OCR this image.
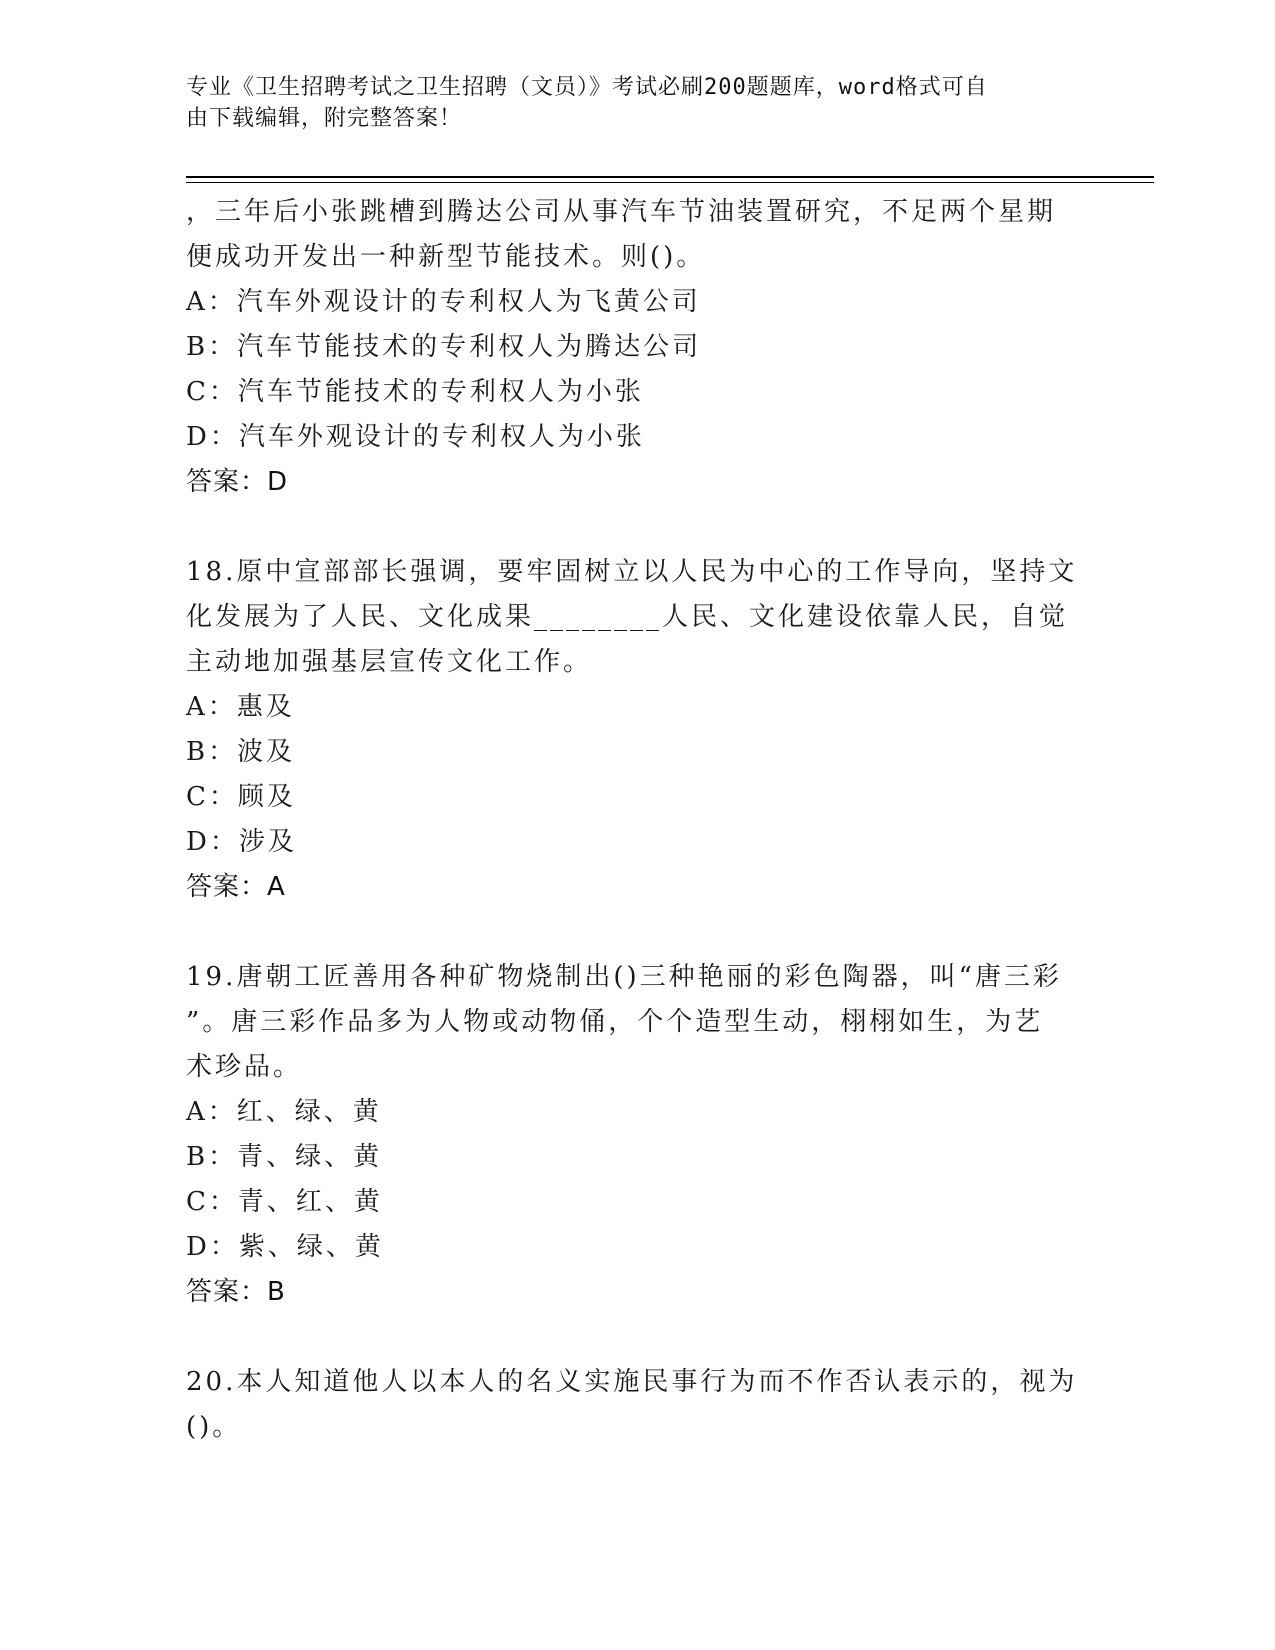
专业《卫生招聘考试之卫生招聘（文员）》考试必刷200题题库，word格式可自
由下载编辑，附完整答案！
，三年后小张跳槽到腾达公司从事汽车节油装置研究，不足两个星期
便成功开发出一种新型节能技术。则()。
A：汽车外观设计的专利权人为飞黄公司
B：汽车节能技术的专利权人为腾达公司
C：汽车节能技术的专利权人为小张
D：汽车外观设计的专利权人为小张
答案：D
18.原中宣部部长强调，要牢固树立以人民为中心的工作导向，坚持文
化发展为了人民、文化成果________人民、文化建设依靠人民，自觉
主动地加强基层宣传文化工作。
A：惠及
B：波及
C：顾及
D：涉及
答案：A
19.唐朝工匠善用各种矿物烧制出()三种艳丽的彩色陶器，叫“唐三彩
”。唐三彩作品多为人物或动物俑，个个造型生动，栩栩如生，为艺
术珍品。
A：红、绿、黄
B：青、绿、黄
C：青、红、黄
D：紫、绿、黄
答案：B
20.本人知道他人以本人的名义实施民事行为而不作否认表示的，视为
()。
